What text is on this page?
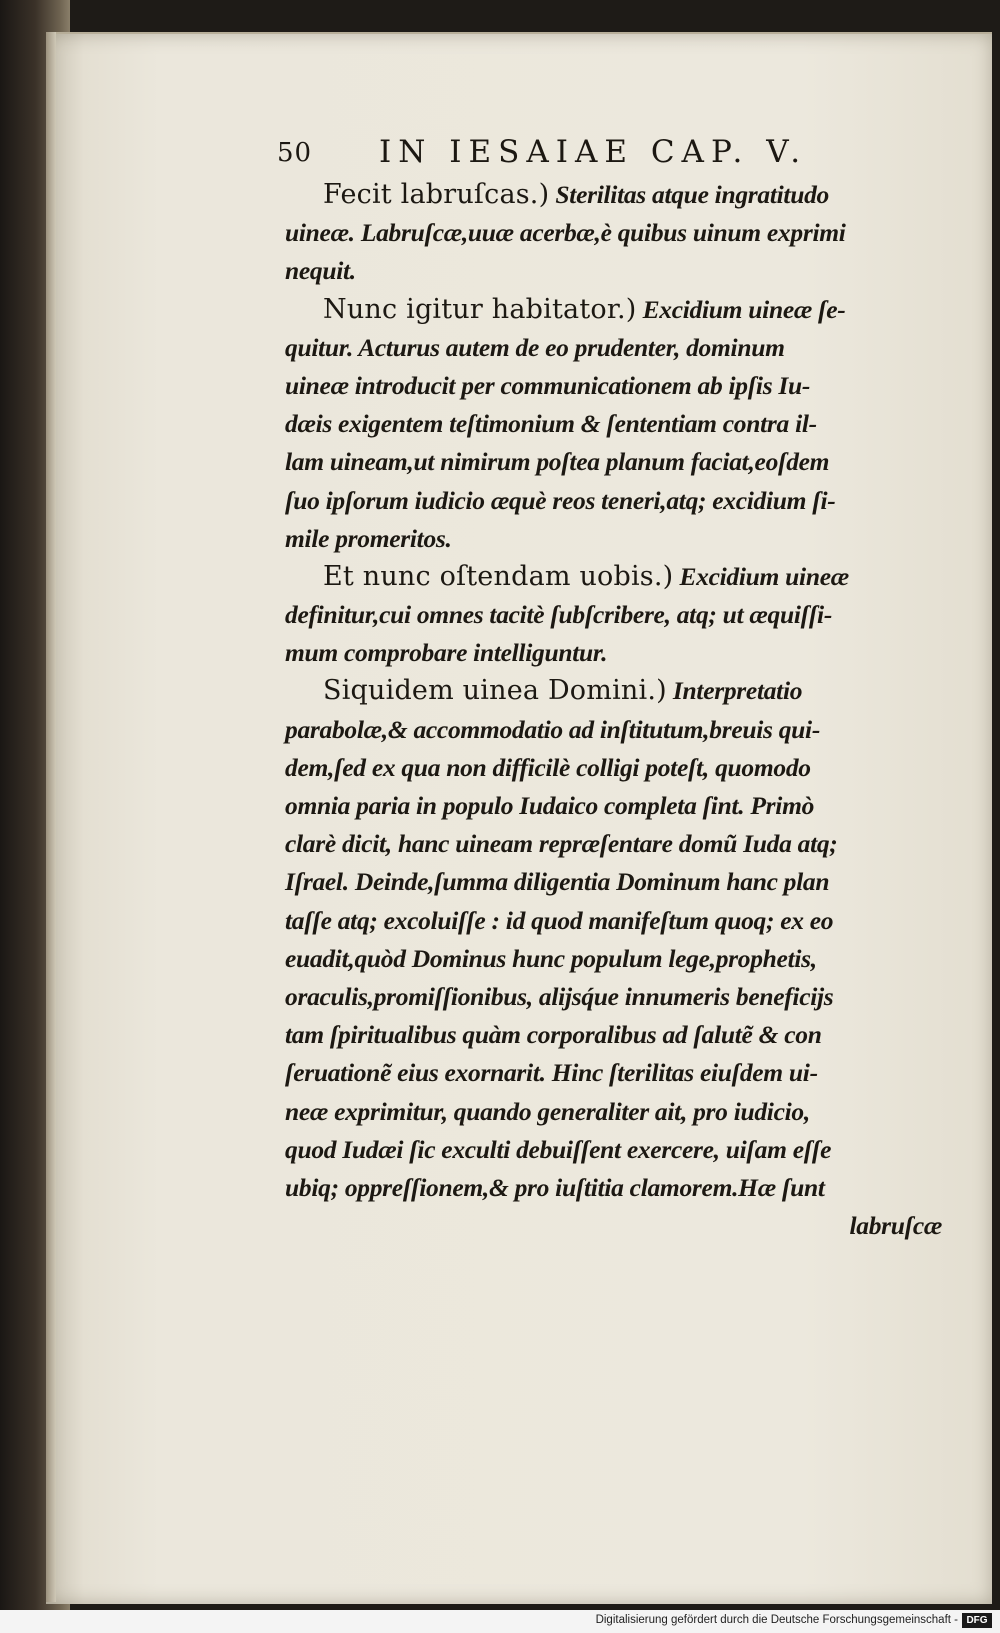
50 IN IESAIAE CAP. V.
Fecit labruſcas.) Sterilitas atque ingratitudo
uineæ. Labruſcæ,uuæ acerbæ,è quibus uinum exprimi
nequit.
Nunc igitur habitator.) Excidium uineæ ſe-
quitur. Acturus autem de eo prudenter, dominum
uineæ introducit per communicationem ab ipſis Iu-
dæis exigentem teſtimonium & ſententiam contra il-
lam uineam,ut nimirum poſtea planum faciat,eoſdem
ſuo ipſorum iudicio æquè reos teneri,atq; excidium ſi-
mile promeritos.
Et nunc oſtendam uobis.) Excidium uineæ
definitur,cui omnes tacitè ſubſcribere, atq; ut æquiſſi-
mum comprobare intelliguntur.
Siquidem uinea Domini.) Interpretatio
parabolæ,& accommodatio ad inſtitutum,breuis qui-
dem,ſed ex qua non difficilè colligi poteſt, quomodo
omnia paria in populo Iudaico completa ſint. Primò
clarè dicit, hanc uineam repræſentare domũ Iuda atq;
Iſrael. Deinde,ſumma diligentia Dominum hanc plan
taſſe atq; excoluiſſe : id quod manifeſtum quoq; ex eo
euadit,quòd Dominus hunc populum lege,prophetis,
oraculis,promiſſionibus, alijsq́ue innumeris beneficijs
tam ſpiritualibus quàm corporalibus ad ſalutẽ & con
ſeruationẽ eius exornarit. Hinc ſterilitas eiuſdem ui-
neæ exprimitur, quando generaliter ait, pro iudicio,
quod Iudæi ſic exculti debuiſſent exercere, uiſam eſſe
ubiq; oppreſſionem,& pro iuſtitia clamorem.Hæ ſunt
labruſcæ
Digitalisierung gefördert durch die Deutsche Forschungsgemeinschaft - DFG
